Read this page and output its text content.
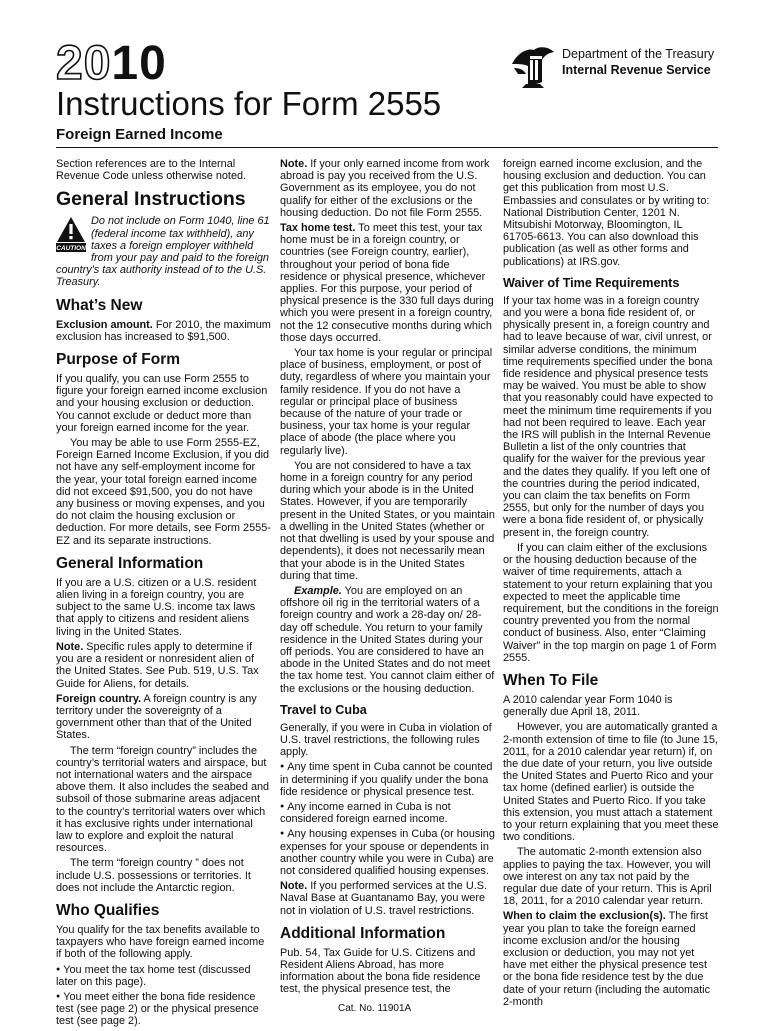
2010	Department of the Treasury
Internal Revenue Service
Instructions for Form 2555
Foreign Earned Income

Section references are to the Internal Revenue Code unless otherwise noted.

General Instructions
CAUTION
Do not include on Form 1040, line 61 (federal income tax withheld), any taxes a foreign employer withheld from your pay and paid to the foreign country's tax authority instead of to the U.S. Treasury.
What’s New

Exclusion amount. For 2010, the maximum exclusion has increased to $91,500.

Purpose of Form

If you qualify, you can use Form 2555 to figure your foreign earned income exclusion and your housing exclusion or deduction. You cannot exclude or deduct more than your foreign earned income for the year.

You may be able to use Form 2555-EZ, Foreign Earned Income Exclusion, if you did not have any self-employment income for the year, your total foreign earned income did not exceed $91,500, you do not have any business or moving expenses, and you do not claim the housing exclusion or deduction. For more details, see Form 2555-EZ and its separate instructions.

General Information

If you are a U.S. citizen or a U.S. resident alien living in a foreign country, you are subject to the same U.S. income tax laws that apply to citizens and resident aliens living in the United States.

Note. Specific rules apply to determine if you are a resident or nonresident alien of the United States. See Pub. 519, U.S. Tax Guide for Aliens, for details.

Foreign country. A foreign country is any territory under the sovereignty of a government other than that of the United States.

The term “foreign country” includes the country’s territorial waters and airspace, but not international waters and the airspace above them. It also includes the seabed and subsoil of those submarine areas adjacent to the country’s territorial waters over which it has exclusive rights under international law to explore and exploit the natural resources.

The term “foreign country ” does not include U.S. possessions or territories. It does not include the Antarctic region.

Who Qualifies

You qualify for the tax benefits available to taxpayers who have foreign earned income if both of the following apply.

● You meet the tax home test (discussed later on this page).

● You meet either the bona fide residence test (see page 2) or the physical presence test (see page 2).

Note. If your only earned income from work abroad is pay you received from the U.S. Government as its employee, you do not qualify for either of the exclusions or the housing deduction. Do not file Form 2555.

Tax home test. To meet this test, your tax home must be in a foreign country, or countries (see Foreign country, earlier), throughout your period of bona fide residence or physical presence, whichever applies. For this purpose, your period of physical presence is the 330 full days during which you were present in a foreign country, not the 12 consecutive months during which those days occurred.

Your tax home is your regular or principal place of business, employment, or post of duty, regardless of where you maintain your family residence. If you do not have a regular or principal place of business because of the nature of your trade or business, your tax home is your regular place of abode (the place where you regularly live).

You are not considered to have a tax home in a foreign country for any period during which your abode is in the United States. However, if you are temporarily present in the United States, or you maintain a dwelling in the United States (whether or not that dwelling is used by your spouse and dependents), it does not necessarily mean that your abode is in the United States during that time.

Example. You are employed on an offshore oil rig in the territorial waters of a foreign country and work a 28-day on/ 28-day off schedule. You return to your family residence in the United States during your off periods. You are considered to have an abode in the United States and do not meet the tax home test. You cannot claim either of the exclusions or the housing deduction.

Travel to Cuba

Generally, if you were in Cuba in violation of U.S. travel restrictions, the following rules apply.

● Any time spent in Cuba cannot be counted in determining if you qualify under the bona fide residence or physical presence test.

● Any income earned in Cuba is not considered foreign earned income.

● Any housing expenses in Cuba (or housing expenses for your spouse or dependents in another country while you were in Cuba) are not considered qualified housing expenses.

Note. If you performed services at the U.S. Naval Base at Guantanamo Bay, you were not in violation of U.S. travel restrictions.

Additional Information

Pub. 54, Tax Guide for U.S. Citizens and Resident Aliens Abroad, has more information about the bona fide residence test, the physical presence test, the

foreign earned income exclusion, and the housing exclusion and deduction. You can get this publication from most U.S. Embassies and consulates or by writing to: National Distribution Center, 1201 N. Mitsubishi Motorway, Bloomington, IL 61705-6613. You can also download this publication (as well as other forms and publications) at IRS.gov.

Waiver of Time Requirements

If your tax home was in a foreign country and you were a bona fide resident of, or physically present in, a foreign country and had to leave because of war, civil unrest, or similar adverse conditions, the minimum time requirements specified under the bona fide residence and physical presence tests may be waived. You must be able to show that you reasonably could have expected to meet the minimum time requirements if you had not been required to leave. Each year the IRS will publish in the Internal Revenue Bulletin a list of the only countries that qualify for the waiver for the previous year and the dates they qualify. If you left one of the countries during the period indicated, you can claim the tax benefits on Form 2555, but only for the number of days you were a bona fide resident of, or physically present in, the foreign country.

If you can claim either of the exclusions or the housing deduction because of the waiver of time requirements, attach a statement to your return explaining that you expected to meet the applicable time requirement, but the conditions in the foreign country prevented you from the normal conduct of business. Also, enter “Claiming Waiver” in the top margin on page 1 of Form 2555.

When To File

A 2010 calendar year Form 1040 is generally due April 18, 2011.

However, you are automatically granted a 2-month extension of time to file (to June 15, 2011, for a 2010 calendar year return) if, on the due date of your return, you live outside the United States and Puerto Rico and your tax home (defined earlier) is outside the United States and Puerto Rico. If you take this extension, you must attach a statement to your return explaining that you meet these two conditions.

The automatic 2-month extension also applies to paying the tax. However, you will owe interest on any tax not paid by the regular due date of your return. This is April 18, 2011, for a 2010 calendar year return.

When to claim the exclusion(s). The first year you plan to take the foreign earned income exclusion and/or the housing exclusion or deduction, you may not yet have met either the physical presence test or the bona fide residence test by the due date of your return (including the automatic 2-month

Cat. No. 11901A
